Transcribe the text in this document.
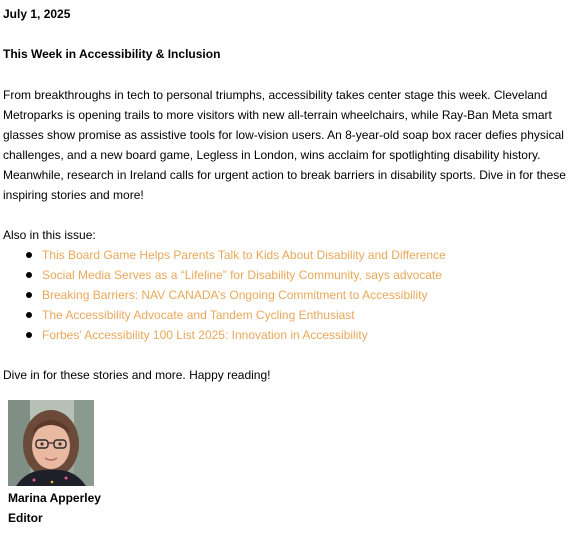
July 1, 2025

This Week in Accessibility & Inclusion

From breakthroughs in tech to personal triumphs, accessibility takes center stage this week. Cleveland Metroparks is opening trails to more visitors with new all-terrain wheelchairs, while Ray-Ban Meta smart glasses show promise as assistive tools for low-vision users. An 8-year-old soap box racer defies physical challenges, and a new board game, Legless in London, wins acclaim for spotlighting disability history. Meanwhile, research in Ireland calls for urgent action to break barriers in disability sports. Dive in for these inspiring stories and more!

Also in this issue:

This Board Game Helps Parents Talk to Kids About Disability and Difference
Social Media Serves as a “Lifeline” for Disability Community, says advocate
Breaking Barriers: NAV CANADA’s Ongoing Commitment to Accessibility
The Accessibility Advocate and Tandem Cycling Enthusiast
Forbes’ Accessibility 100 List 2025: Innovation in Accessibility

Dive in for these stories and more. Happy reading!

Marina Apperley

Editor
